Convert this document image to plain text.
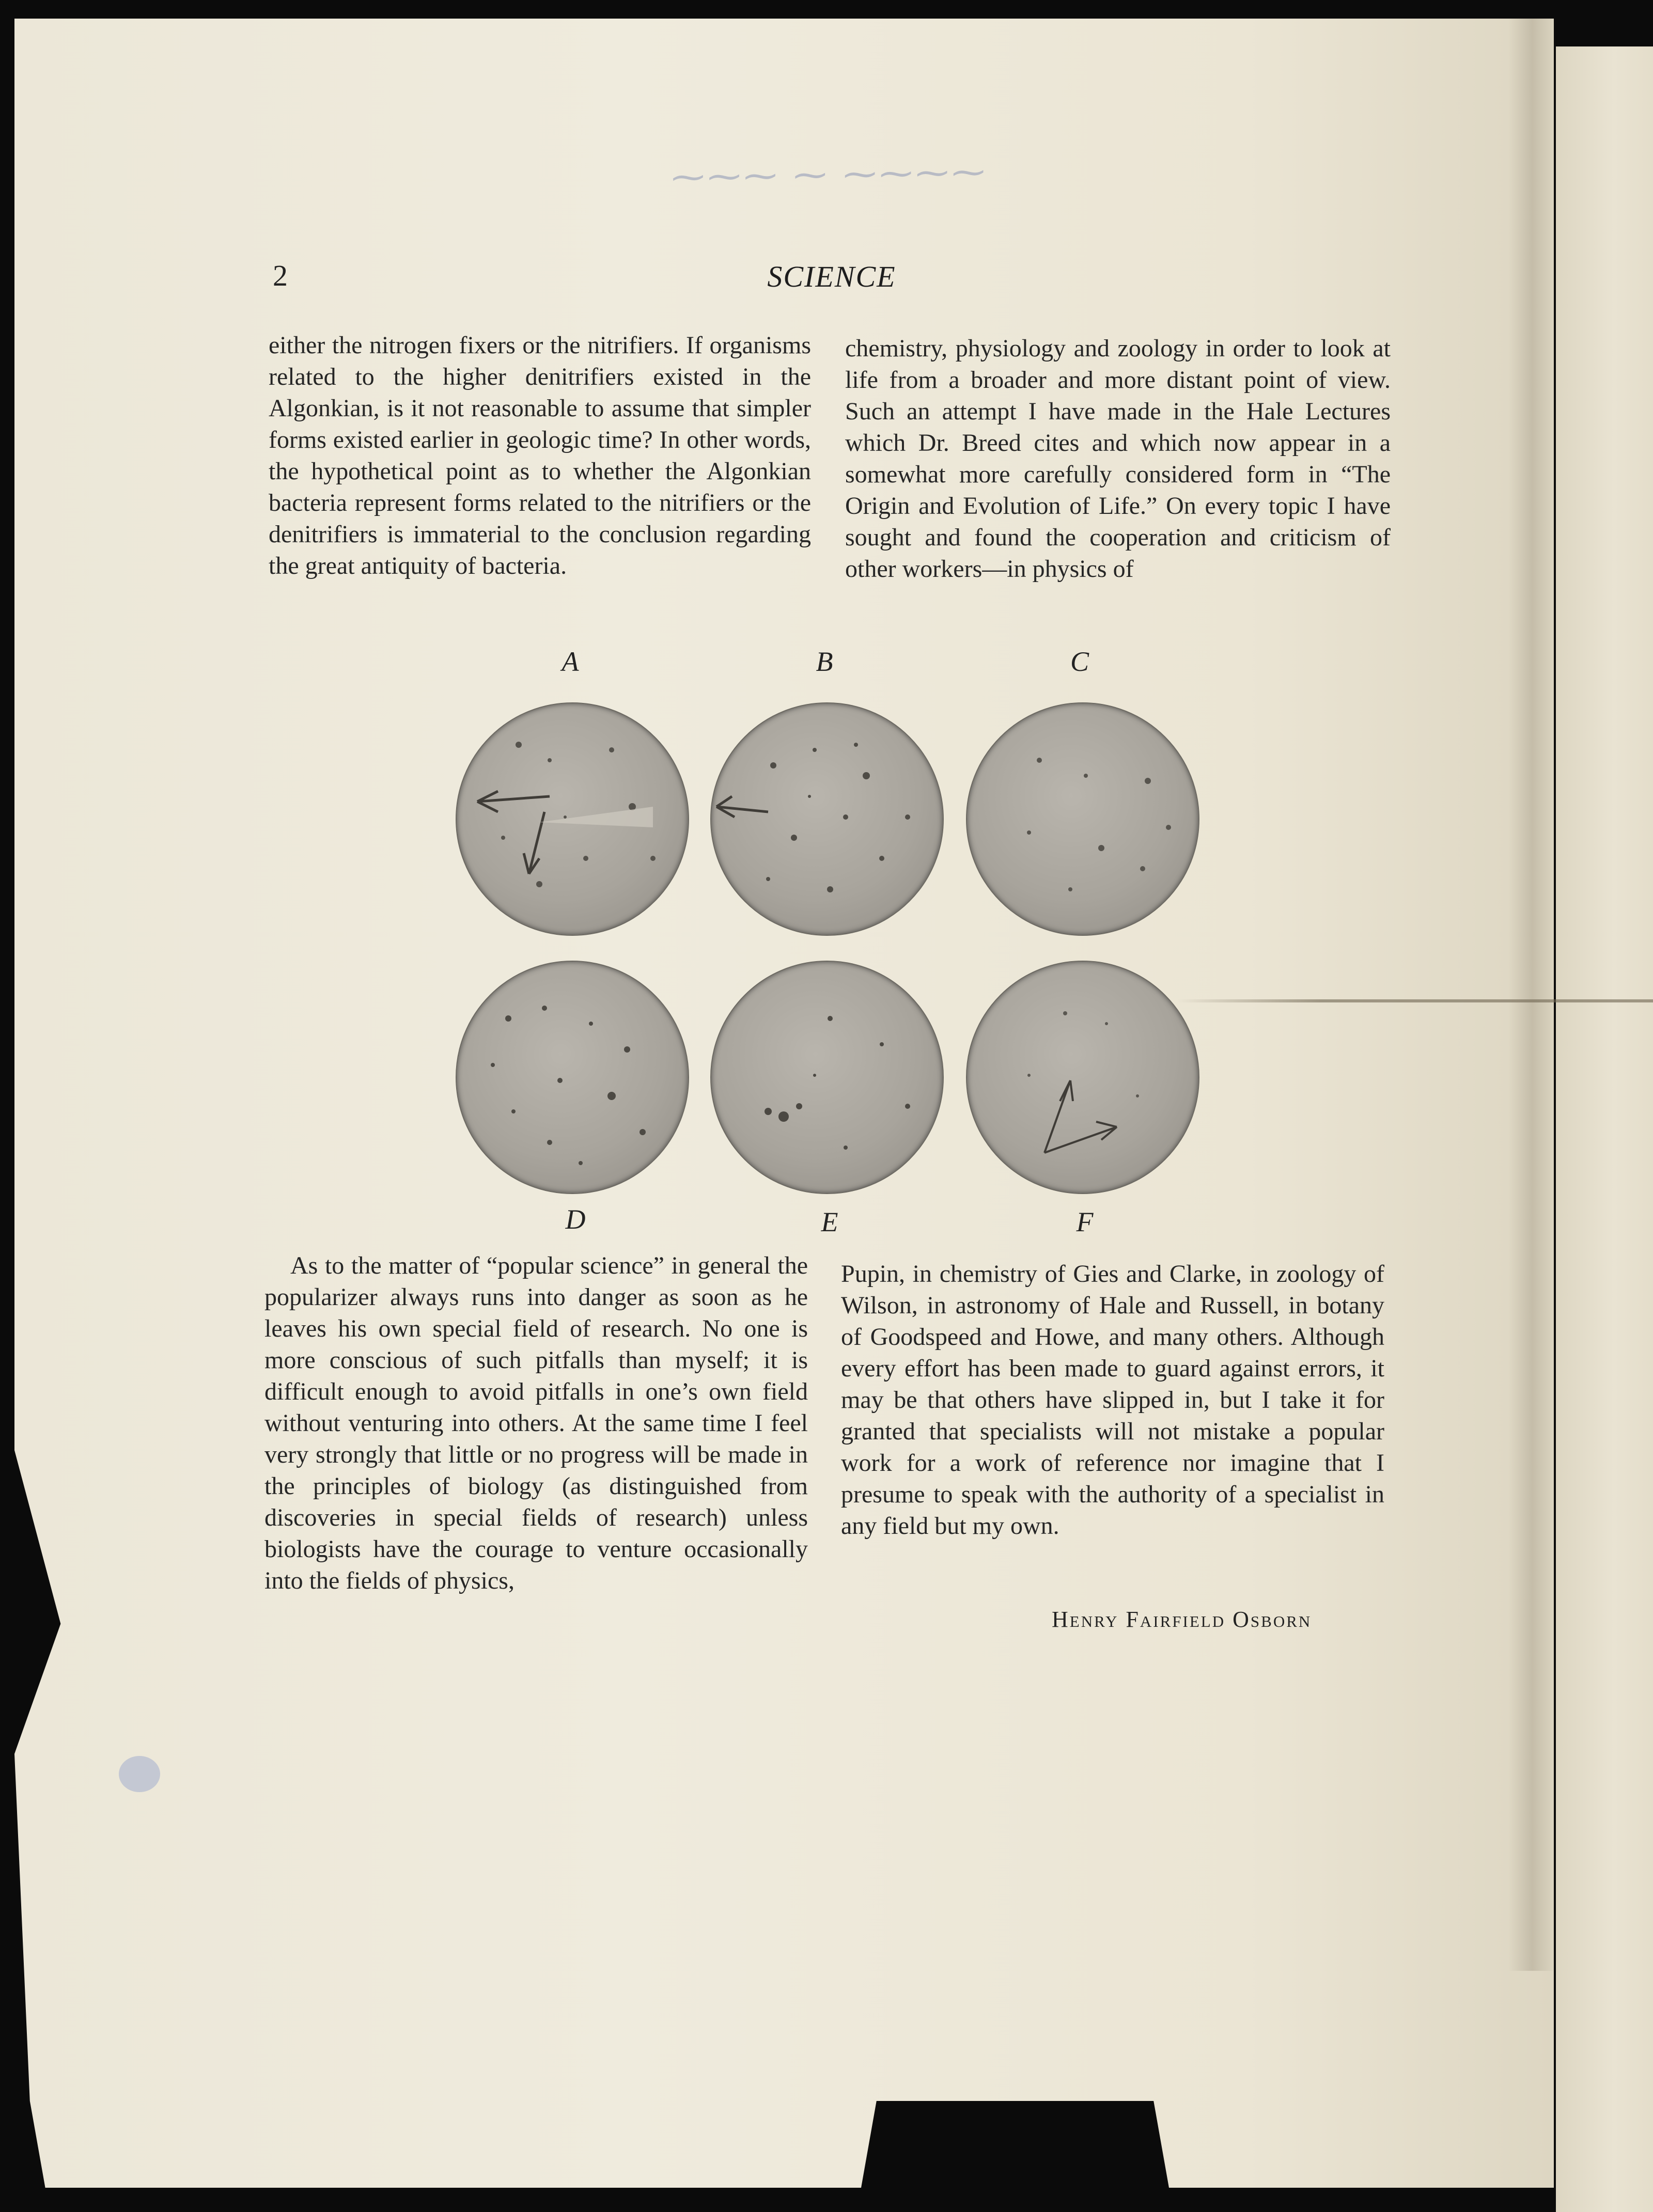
⁓⁓⁓ ⁓ ⁓⁓⁓⁓
2	SCIENCE

either the nitrogen fixers or the nitrifiers. If organisms related to the higher denitrifiers existed in the Algonkian, is it not reasonable to assume that simpler forms existed earlier in geologic time? In other words, the hypothetical point as to whether the Algonkian bacteria represent forms related to the nitrifiers or the denitrifiers is immaterial to the conclusion regarding the great antiquity of bacteria.

chemistry, physiology and zoology in order to look at life from a broader and more distant point of view. Such an attempt I have made in the Hale Lectures which Dr. Breed cites and which now appear in a somewhat more carefully considered form in “The Origin and Evolution of Life.” On every topic I have sought and found the cooperation and criticism of other workers—in physics of

A	B	C
D	E	F

As to the matter of “popular science” in general the popularizer always runs into danger as soon as he leaves his own special field of research. No one is more conscious of such pitfalls than myself; it is difficult enough to avoid pitfalls in one’s own field without venturing into others. At the same time I feel very strongly that little or no progress will be made in the principles of biology (as distinguished from discoveries in special fields of research) unless biologists have the courage to venture occasionally into the fields of physics,

Pupin, in chemistry of Gies and Clarke, in zoology of Wilson, in astronomy of Hale and Russell, in botany of Goodspeed and Howe, and many others. Although every effort has been made to guard against errors, it may be that others have slipped in, but I take it for granted that specialists will not mistake a popular work for a work of reference nor imagine that I presume to speak with the authority of a specialist in any field but my own.

Henry Fairfield Osborn
